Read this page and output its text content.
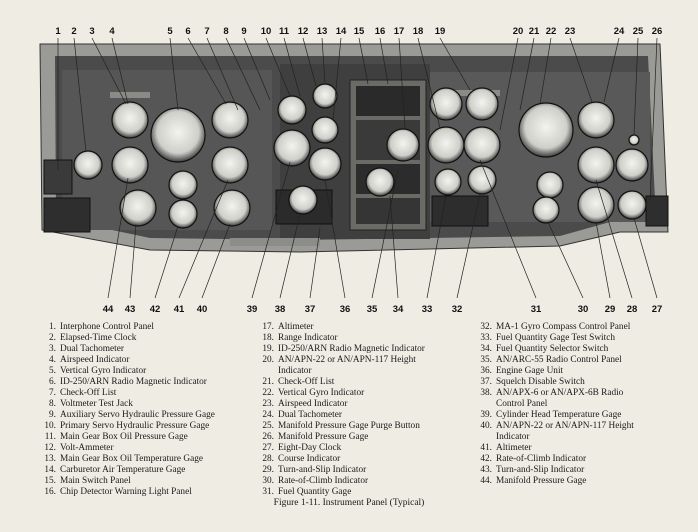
1 2 3 4	5 6 7 8 9 10 11 12 13 14 15 16 17 18 19	20 21 22 23	24 25 26
44 43 42 41 40	39 38 37	36 35 34 33 32	31	30 29 28 27
1. Interphone Control Panel
2. Elapsed-Time Clock
3. Dual Tachometer
4. Airspeed Indicator
5. Vertical Gyro Indicator
6. ID-250/ARN Radio Magnetic Indicator
7. Check-Off List
8. Voltmeter Test Jack
9. Auxiliary Servo Hydraulic Pressure Gage
10. Primary Servo Hydraulic Pressure Gage
11. Main Gear Box Oil Pressure Gage
12. Volt-Ammeter
13. Main Gear Box Oil Temperature Gage
14. Carburetor Air Temperature Gage
15. Main Switch Panel
16. Chip Detector Warning Light Panel
17. Altimeter
18. Range Indicator
19. ID-250/ARN Radio Magnetic Indicator
20. AN/APN-22 or AN/APN-117 Height
Indicator
21. Check-Off List
22. Vertical Gyro Indicator
23. Airspeed Indicator
24. Dual Tachometer
25. Manifold Pressure Gage Purge Button
26. Manifold Pressure Gage
27. Eight-Day Clock
28. Course Indicator
29. Turn-and-Slip Indicator
30. Rate-of-Climb Indicator
31. Fuel Quantity Gage
32. MA-1 Gyro Compass Control Panel
33. Fuel Quantity Gage Test Switch
34. Fuel Quantity Selector Switch
35. AN/ARC-55 Radio Control Panel
36. Engine Gage Unit
37. Squelch Disable Switch
38. AN/APX-6 or AN/APX-6B Radio
Control Panel
39. Cylinder Head Temperature Gage
40. AN/APN-22 or AN/APN-117 Height
Indicator
41. Altimeter
42. Rate-of-Climb Indicator
43. Turn-and-Slip Indicator
44. Manifold Pressure Gage
Figure 1-11. Instrument Panel (Typical)
